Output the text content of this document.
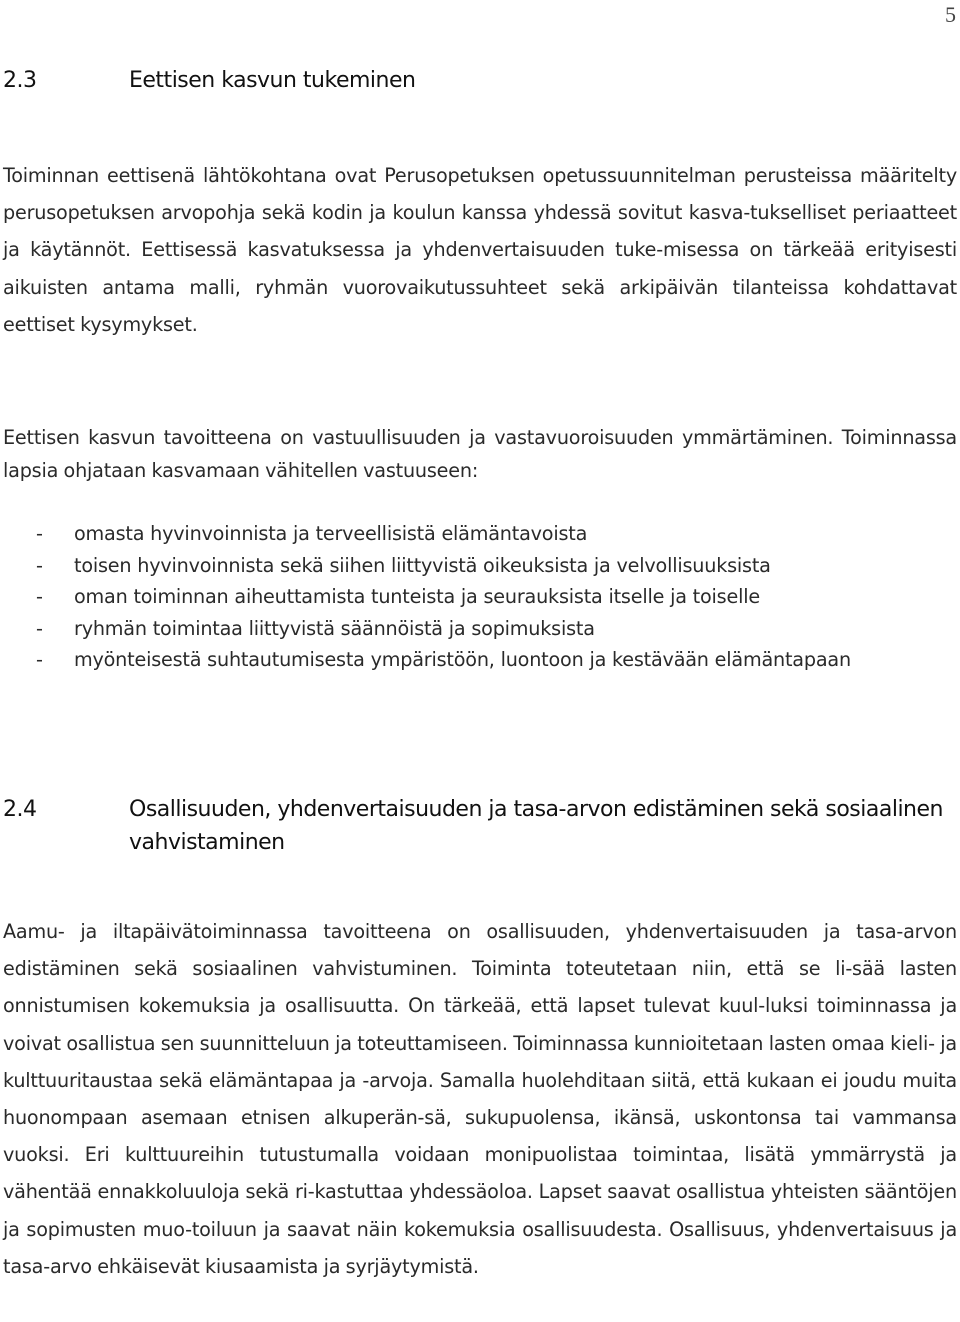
5
2.3	Eettisen kasvun tukeminen

Toiminnan eettisenä lähtökohtana ovat Perusopetuksen opetussuunnitelman perusteissa määritelty perusopetuksen arvopohja sekä kodin ja koulun kanssa yhdessä sovitut kasva-tukselliset periaatteet ja käytännöt. Eettisessä kasvatuksessa ja yhdenvertaisuuden tuke-misessa on tärkeää erityisesti aikuisten antama malli, ryhmän vuorovaikutussuhteet sekä arkipäivän tilanteissa kohdattavat eettiset kysymykset.

Eettisen kasvun tavoitteena on vastuullisuuden ja vastavuoroisuuden ymmärtäminen. Toiminnassa lapsia ohjataan kasvamaan vähitellen vastuuseen:

- omasta hyvinvoinnista ja terveellisistä elämäntavoista
- toisen hyvinvoinnista sekä siihen liittyvistä oikeuksista ja velvollisuuksista
- oman toiminnan aiheuttamista tunteista ja seurauksista itselle ja toiselle
- ryhmän toimintaa liittyvistä säännöistä ja sopimuksista
- myönteisestä suhtautumisesta ympäristöön, luontoon ja kestävään elämäntapaan
2.4	Osallisuuden, yhdenvertaisuuden ja tasa-arvon edistäminen sekä sosiaalinen vahvistaminen

Aamu- ja iltapäivätoiminnassa tavoitteena on osallisuuden, yhdenvertaisuuden ja tasa-arvon edistäminen sekä sosiaalinen vahvistuminen. Toiminta toteutetaan niin, että se li-sää lasten onnistumisen kokemuksia ja osallisuutta. On tärkeää, että lapset tulevat kuul-luksi toiminnassa ja voivat osallistua sen suunnitteluun ja toteuttamiseen. Toiminnassa kunnioitetaan lasten omaa kieli- ja kulttuuritaustaa sekä elämäntapaa ja -arvoja. Samalla huolehditaan siitä, että kukaan ei joudu muita huonompaan asemaan etnisen alkuperän-sä, sukupuolensa, ikänsä, uskontonsa tai vammansa vuoksi. Eri kulttuureihin tutustumalla voidaan monipuolistaa toimintaa, lisätä ymmärrystä ja vähentää ennakkoluuloja sekä ri-kastuttaa yhdessäoloa. Lapset saavat osallistua yhteisten sääntöjen ja sopimusten muo-toiluun ja saavat näin kokemuksia osallisuudesta. Osallisuus, yhdenvertaisuus ja tasa-arvo ehkäisevät kiusaamista ja syrjäytymistä.
